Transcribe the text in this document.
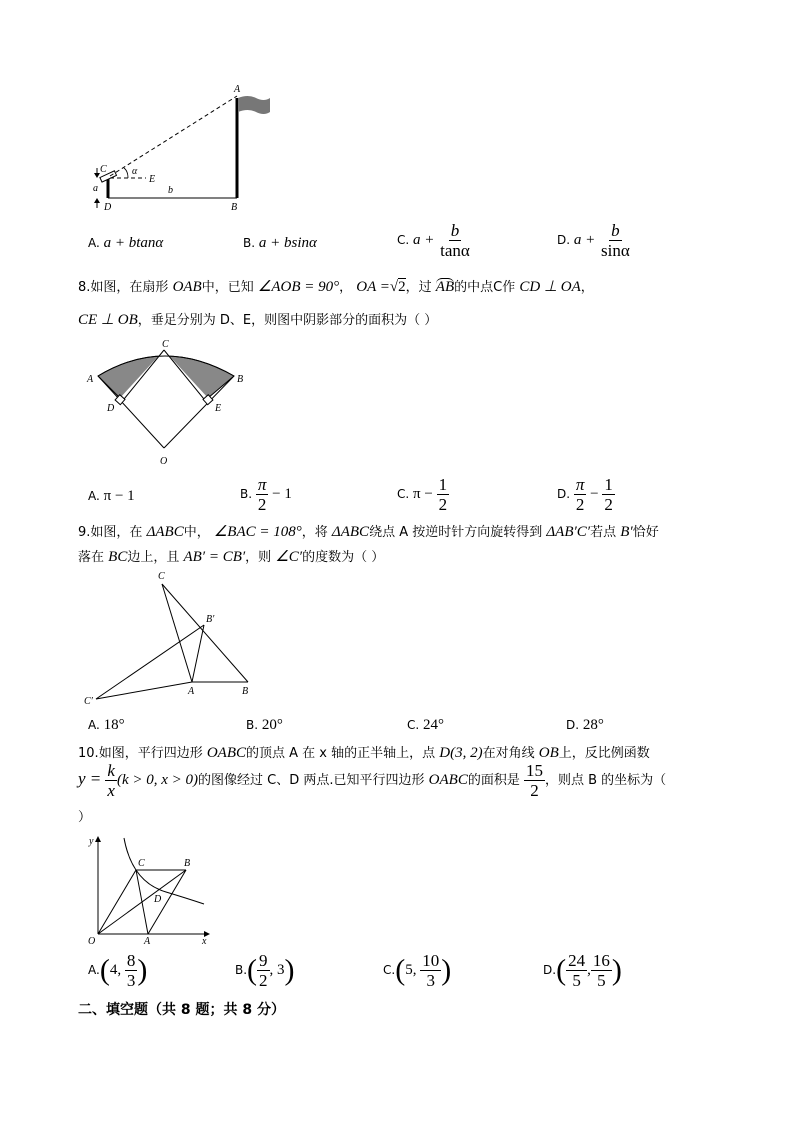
A
B
C
D
E
α
a	b
A. a + btanα	B. a + bsinα	C. $a + \frac{b}{\tan\alpha}$	D. $a + \frac{b}{\sin\alpha}$
8.如图，在扇形 OAB中，已知 ∠AOB = 90°， OA =√2，过 AB的中点C作 CD ⊥ OA，
CE ⊥ OB，垂足分别为 D、E，则图中阴影部分的面积为（ ）
A	B
C
D	E
O
A. π − 1	B. $\frac{\pi}{2} - 1$	C. $\pi - \frac{1}{2}$	D. $\frac{\pi}{2} - \frac{1}{2}$
9.如图，在 ΔABC中， ∠BAC = 108°，将 ΔABC绕点 A 按逆时针方向旋转得到 ΔAB′C′若点 B′恰好
落在 BC边上，且 AB′ = CB′，则 ∠C′的度数为（ ）
C
B′
C′
A	B
A. 18°	B. 20°	C. 24°	D. 28°
10.如图，平行四边形 OABC的顶点 A 在 x 轴的正半轴上，点 D(3, 2)在对角线 OB上，反比例函数
$y = \frac{k}{x} (k > 0$, x > 0)的图像经过 C、D 两点.已知平行四边形 OABC的面积是 $\frac{15}{2}$ ，则点 B 的坐标为（
）
y
x
O	A
B
C
D
A.(4, $\frac{8}{3}$ )	$B.( \frac{9}{2}$ , 3)	C.(5, $\frac{10}{3}$ )	$D.( \frac{24}{5}$ , $\frac{16}{5}$ )
二、填空题（共 8 题；共 8 分）
